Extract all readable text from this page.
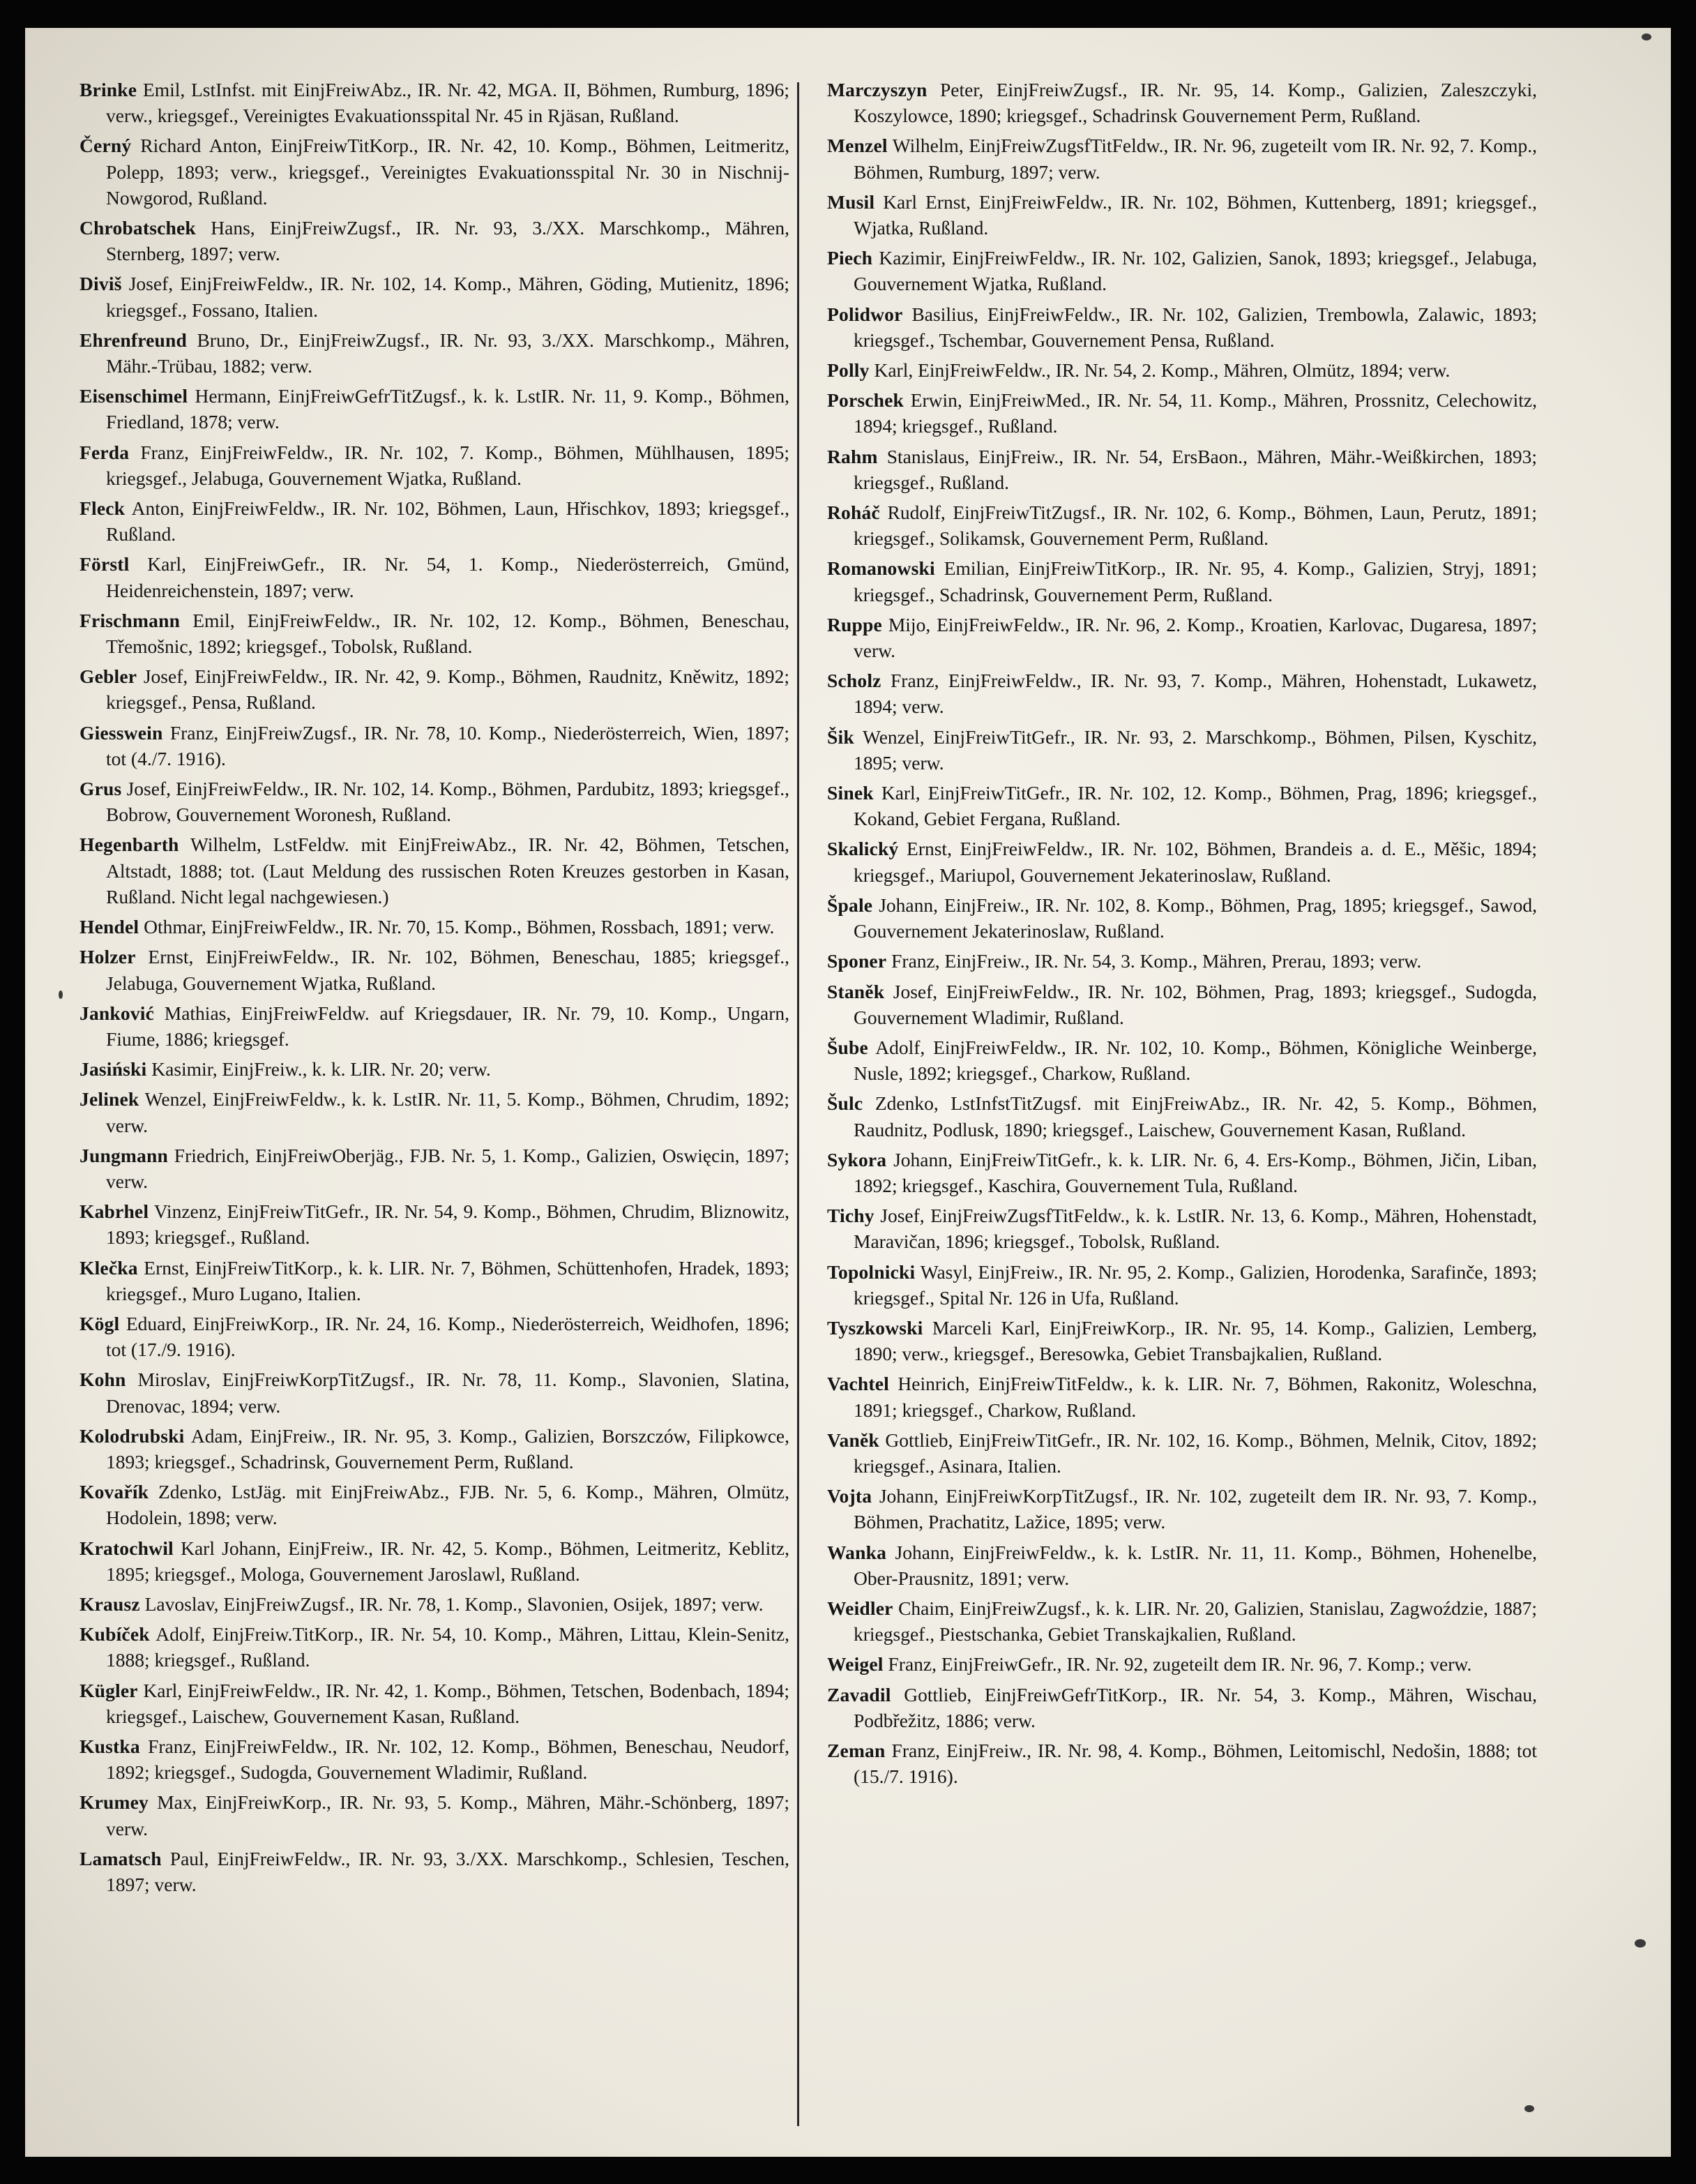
Brinke Emil, LstInfst. mit EinjFreiwAbz., IR. Nr. 42, MGA. II, Böhmen, Rumburg, 1896; verw., kriegsgef., Vereinigtes Evakuationsspital Nr. 45 in Rjäsan, Rußland.
Černý Richard Anton, EinjFreiwTitKorp., IR. Nr. 42, 10. Komp., Böhmen, Leitmeritz, Polepp, 1893; verw., kriegsgef., Vereinigtes Evakuationsspital Nr. 30 in Nischnij-Nowgorod, Rußland.
Chrobatschek Hans, EinjFreiwZugsf., IR. Nr. 93, 3./XX. Marschkomp., Mähren, Sternberg, 1897; verw.
Diviš Josef, EinjFreiwFeldw., IR. Nr. 102, 14. Komp., Mähren, Göding, Mutienitz, 1896; kriegsgef., Fossano, Italien.
Ehrenfreund Bruno, Dr., EinjFreiwZugsf., IR. Nr. 93, 3./XX. Marschkomp., Mähren, Mähr.-Trübau, 1882; verw.
Eisenschimel Hermann, EinjFreiwGefrTitZugsf., k. k. LstIR. Nr. 11, 9. Komp., Böhmen, Friedland, 1878; verw.
Ferda Franz, EinjFreiwFeldw., IR. Nr. 102, 7. Komp., Böhmen, Mühlhausen, 1895; kriegsgef., Jelabuga, Gouvernement Wjatka, Rußland.
Fleck Anton, EinjFreiwFeldw., IR. Nr. 102, Böhmen, Laun, Hřischkov, 1893; kriegsgef., Rußland.
Förstl Karl, EinjFreiwGefr., IR. Nr. 54, 1. Komp., Niederösterreich, Gmünd, Heidenreichenstein, 1897; verw.
Frischmann Emil, EinjFreiwFeldw., IR. Nr. 102, 12. Komp., Böhmen, Beneschau, Třemošnic, 1892; kriegsgef., Tobolsk, Rußland.
Gebler Josef, EinjFreiwFeldw., IR. Nr. 42, 9. Komp., Böhmen, Raudnitz, Kněwitz, 1892; kriegsgef., Pensa, Rußland.
Giesswein Franz, EinjFreiwZugsf., IR. Nr. 78, 10. Komp., Niederösterreich, Wien, 1897; tot (4./7. 1916).
Grus Josef, EinjFreiwFeldw., IR. Nr. 102, 14. Komp., Böhmen, Pardubitz, 1893; kriegsgef., Bobrow, Gouvernement Woronesh, Rußland.
Hegenbarth Wilhelm, LstFeldw. mit EinjFreiwAbz., IR. Nr. 42, Böhmen, Tetschen, Altstadt, 1888; tot. (Laut Meldung des russischen Roten Kreuzes gestorben in Kasan, Rußland. Nicht legal nachgewiesen.)
Hendel Othmar, EinjFreiwFeldw., IR. Nr. 70, 15. Komp., Böhmen, Rossbach, 1891; verw.
Holzer Ernst, EinjFreiwFeldw., IR. Nr. 102, Böhmen, Beneschau, 1885; kriegsgef., Jelabuga, Gouvernement Wjatka, Rußland.
Janković Mathias, EinjFreiwFeldw. auf Kriegsdauer, IR. Nr. 79, 10. Komp., Ungarn, Fiume, 1886; kriegsgef.
Jasiński Kasimir, EinjFreiw., k. k. LIR. Nr. 20; verw.
Jelinek Wenzel, EinjFreiwFeldw., k. k. LstIR. Nr. 11, 5. Komp., Böhmen, Chrudim, 1892; verw.
Jungmann Friedrich, EinjFreiwOberjäg., FJB. Nr. 5, 1. Komp., Galizien, Oswięcin, 1897; verw.
Kabrhel Vinzenz, EinjFreiwTitGefr., IR. Nr. 54, 9. Komp., Böhmen, Chrudim, Bliznowitz, 1893; kriegsgef., Rußland.
Klečka Ernst, EinjFreiwTitKorp., k. k. LIR. Nr. 7, Böhmen, Schüttenhofen, Hradek, 1893; kriegsgef., Muro Lugano, Italien.
Kögl Eduard, EinjFreiwKorp., IR. Nr. 24, 16. Komp., Niederösterreich, Weidhofen, 1896; tot (17./9. 1916).
Kohn Miroslav, EinjFreiwKorpTitZugsf., IR. Nr. 78, 11. Komp., Slavonien, Slatina, Drenovac, 1894; verw.
Kolodrubski Adam, EinjFreiw., IR. Nr. 95, 3. Komp., Galizien, Borszczów, Filipkowce, 1893; kriegsgef., Schadrinsk, Gouvernement Perm, Rußland.
Kovařík Zdenko, LstJäg. mit EinjFreiwAbz., FJB. Nr. 5, 6. Komp., Mähren, Olmütz, Hodolein, 1898; verw.
Kratochwil Karl Johann, EinjFreiw., IR. Nr. 42, 5. Komp., Böhmen, Leitmeritz, Keblitz, 1895; kriegsgef., Mologa, Gouvernement Jaroslawl, Rußland.
Krausz Lavoslav, EinjFreiwZugsf., IR. Nr. 78, 1. Komp., Slavonien, Osijek, 1897; verw.
Kubíček Adolf, EinjFreiw.TitKorp., IR. Nr. 54, 10. Komp., Mähren, Littau, Klein-Senitz, 1888; kriegsgef., Rußland.
Kügler Karl, EinjFreiwFeldw., IR. Nr. 42, 1. Komp., Böhmen, Tetschen, Bodenbach, 1894; kriegsgef., Laischew, Gouvernement Kasan, Rußland.
Kustka Franz, EinjFreiwFeldw., IR. Nr. 102, 12. Komp., Böhmen, Beneschau, Neudorf, 1892; kriegsgef., Sudogda, Gouvernement Wladimir, Rußland.
Krumey Max, EinjFreiwKorp., IR. Nr. 93, 5. Komp., Mähren, Mähr.-Schönberg, 1897; verw.
Lamatsch Paul, EinjFreiwFeldw., IR. Nr. 93, 3./XX. Marschkomp., Schlesien, Teschen, 1897; verw.
Marczyszyn Peter, EinjFreiwZugsf., IR. Nr. 95, 14. Komp., Galizien, Zaleszczyki, Koszylowce, 1890; kriegsgef., Schadrinsk Gouvernement Perm, Rußland.
Menzel Wilhelm, EinjFreiwZugsfTitFeldw., IR. Nr. 96, zugeteilt vom IR. Nr. 92, 7. Komp., Böhmen, Rumburg, 1897; verw.
Musil Karl Ernst, EinjFreiwFeldw., IR. Nr. 102, Böhmen, Kuttenberg, 1891; kriegsgef., Wjatka, Rußland.
Piech Kazimir, EinjFreiwFeldw., IR. Nr. 102, Galizien, Sanok, 1893; kriegsgef., Jelabuga, Gouvernement Wjatka, Rußland.
Polidwor Basilius, EinjFreiwFeldw., IR. Nr. 102, Galizien, Trembowla, Zalawic, 1893; kriegsgef., Tschembar, Gouvernement Pensa, Rußland.
Polly Karl, EinjFreiwFeldw., IR. Nr. 54, 2. Komp., Mähren, Olmütz, 1894; verw.
Porschek Erwin, EinjFreiwMed., IR. Nr. 54, 11. Komp., Mähren, Prossnitz, Celechowitz, 1894; kriegsgef., Rußland.
Rahm Stanislaus, EinjFreiw., IR. Nr. 54, ErsBaon., Mähren, Mähr.-Weißkirchen, 1893; kriegsgef., Rußland.
Roháč Rudolf, EinjFreiwTitZugsf., IR. Nr. 102, 6. Komp., Böhmen, Laun, Perutz, 1891; kriegsgef., Solikamsk, Gouvernement Perm, Rußland.
Romanowski Emilian, EinjFreiwTitKorp., IR. Nr. 95, 4. Komp., Galizien, Stryj, 1891; kriegsgef., Schadrinsk, Gouvernement Perm, Rußland.
Ruppe Mijo, EinjFreiwFeldw., IR. Nr. 96, 2. Komp., Kroatien, Karlovac, Dugaresa, 1897; verw.
Scholz Franz, EinjFreiwFeldw., IR. Nr. 93, 7. Komp., Mähren, Hohenstadt, Lukawetz, 1894; verw.
Šik Wenzel, EinjFreiwTitGefr., IR. Nr. 93, 2. Marschkomp., Böhmen, Pilsen, Kyschitz, 1895; verw.
Sinek Karl, EinjFreiwTitGefr., IR. Nr. 102, 12. Komp., Böhmen, Prag, 1896; kriegsgef., Kokand, Gebiet Fergana, Rußland.
Skalický Ernst, EinjFreiwFeldw., IR. Nr. 102, Böhmen, Brandeis a. d. E., Měšic, 1894; kriegsgef., Mariupol, Gouvernement Jekaterinoslaw, Rußland.
Špale Johann, EinjFreiw., IR. Nr. 102, 8. Komp., Böhmen, Prag, 1895; kriegsgef., Sawod, Gouvernement Jekaterinoslaw, Rußland.
Sponer Franz, EinjFreiw., IR. Nr. 54, 3. Komp., Mähren, Prerau, 1893; verw.
Staněk Josef, EinjFreiwFeldw., IR. Nr. 102, Böhmen, Prag, 1893; kriegsgef., Sudogda, Gouvernement Wladimir, Rußland.
Šube Adolf, EinjFreiwFeldw., IR. Nr. 102, 10. Komp., Böhmen, Königliche Weinberge, Nusle, 1892; kriegsgef., Charkow, Rußland.
Šulc Zdenko, LstInfstTitZugsf. mit EinjFreiwAbz., IR. Nr. 42, 5. Komp., Böhmen, Raudnitz, Podlusk, 1890; kriegsgef., Laischew, Gouvernement Kasan, Rußland.
Sykora Johann, EinjFreiwTitGefr., k. k. LIR. Nr. 6, 4. Ers-Komp., Böhmen, Jičin, Liban, 1892; kriegsgef., Kaschira, Gouvernement Tula, Rußland.
Tichy Josef, EinjFreiwZugsfTitFeldw., k. k. LstIR. Nr. 13, 6. Komp., Mähren, Hohenstadt, Maravičan, 1896; kriegsgef., Tobolsk, Rußland.
Topolnicki Wasyl, EinjFreiw., IR. Nr. 95, 2. Komp., Galizien, Horodenka, Sarafinče, 1893; kriegsgef., Spital Nr. 126 in Ufa, Rußland.
Tyszkowski Marceli Karl, EinjFreiwKorp., IR. Nr. 95, 14. Komp., Galizien, Lemberg, 1890; verw., kriegsgef., Beresowka, Gebiet Transbajkalien, Rußland.
Vachtel Heinrich, EinjFreiwTitFeldw., k. k. LIR. Nr. 7, Böhmen, Rakonitz, Woleschna, 1891; kriegsgef., Charkow, Rußland.
Vaněk Gottlieb, EinjFreiwTitGefr., IR. Nr. 102, 16. Komp., Böhmen, Melnik, Citov, 1892; kriegsgef., Asinara, Italien.
Vojta Johann, EinjFreiwKorpTitZugsf., IR. Nr. 102, zugeteilt dem IR. Nr. 93, 7. Komp., Böhmen, Prachatitz, Lažice, 1895; verw.
Wanka Johann, EinjFreiwFeldw., k. k. LstIR. Nr. 11, 11. Komp., Böhmen, Hohenelbe, Ober-Prausnitz, 1891; verw.
Weidler Chaim, EinjFreiwZugsf., k. k. LIR. Nr. 20, Galizien, Stanislau, Zagwoździe, 1887; kriegsgef., Piestschanka, Gebiet Transkajkalien, Rußland.
Weigel Franz, EinjFreiwGefr., IR. Nr. 92, zugeteilt dem IR. Nr. 96, 7. Komp.; verw.
Zavadil Gottlieb, EinjFreiwGefrTitKorp., IR. Nr. 54, 3. Komp., Mähren, Wischau, Podbřežitz, 1886; verw.
Zeman Franz, EinjFreiw., IR. Nr. 98, 4. Komp., Böhmen, Leitomischl, Nedošin, 1888; tot (15./7. 1916).
